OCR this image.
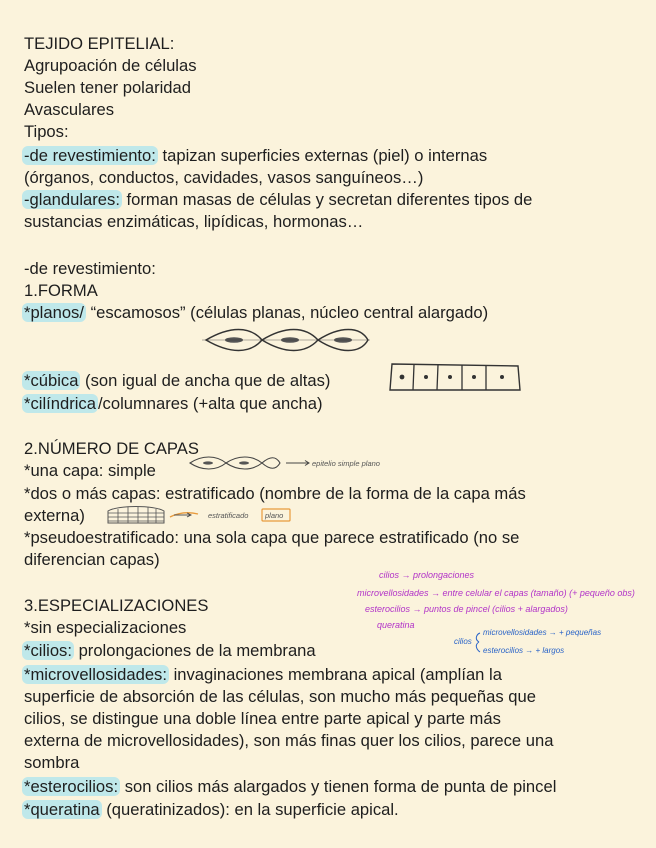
TEJIDO EPITELIAL:
Agrupoación de células
Suelen tener polaridad
Avasculares
Tipos:
-de revestimiento: tapizan superficies externas (piel) o internas
(órganos, conductos, cavidades, vasos sanguíneos…)
-glandulares: forman masas de células y secretan diferentes tipos de
sustancias enzimáticas, lipídicas, hormonas…
-de revestimiento:
1.FORMA
*planos/ “escamosos” (células planas, núcleo central alargado)
*cúbica (son igual de ancha que de altas)
*cilíndrica /columnares (+alta que ancha)
2.NÚMERO DE CAPAS
*una capa: simple	epitelio simple plano
*dos o más capas: estratificado (nombre de la forma de la capa más
externa)	estratificado plano
*pseudoestratificado: una sola capa que parece estratificado (no se
diferencian capas)
3.ESPECIALIZACIONES
*sin especializaciones
cilios → prolongaciones
microvellosidades → entre celular el capas (tamaño) (+ pequeño obs)
esterocilios → puntos de pincel (cilios + alargados)
queratina
cilios
microvellosidades → + pequeñas
esterocilios → + largos
*cilios: prolongaciones de la membrana
*microvellosidades: invaginaciones membrana apical (amplían la
superficie de absorción de las células, son mucho más pequeñas que
cilios, se distingue una doble línea entre parte apical y parte más
externa de microvellosidades), son más finas quer los cilios, parece una
sombra
*esterocilios: son cilios más alargados y tienen forma de punta de pincel
*queratina (queratinizados): en la superficie apical.
